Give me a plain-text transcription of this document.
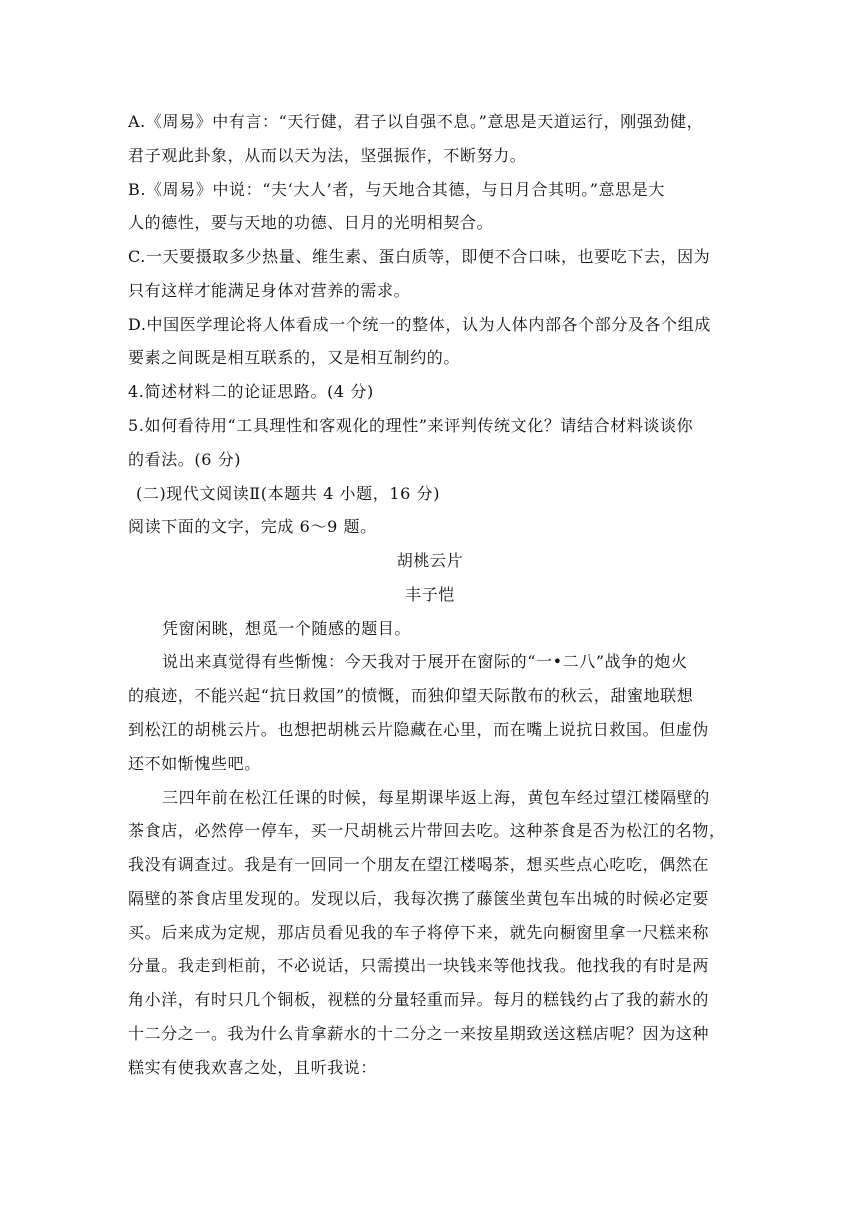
A.《周易》中有言：“天行健，君子以自强不息。”意思是天道运行，刚强劲健，
君子观此卦象，从而以天为法，坚强振作，不断努力。
B.《周易》中说：“夫‘大人’者，与天地合其德，与日月合其明。”意思是大
人的德性，要与天地的功德、日月的光明相契合。
C.一天要摄取多少热量、维生素、蛋白质等，即便不合口味，也要吃下去，因为
只有这样才能满足身体对营养的需求。
D.中国医学理论将人体看成一个统一的整体，认为人体内部各个部分及各个组成
要素之间既是相互联系的，又是相互制约的。
4.简述材料二的论证思路。(4 分)
5.如何看待用“工具理性和客观化的理性”来评判传统文化？请结合材料谈谈你
的看法。(6 分)
(二)现代文阅读Ⅱ(本题共 4 小题，16 分)
阅读下面的文字，完成 6～9 题。
胡桃云片
丰子恺
凭窗闲眺，想觅一个随感的题目。
说出来真觉得有些惭愧：今天我对于展开在窗际的“一•二八”战争的炮火
的痕迹，不能兴起“抗日救国”的愤慨，而独仰望天际散布的秋云，甜蜜地联想
到松江的胡桃云片。也想把胡桃云片隐藏在心里，而在嘴上说抗日救国。但虚伪
还不如惭愧些吧。
三四年前在松江任课的时候，每星期课毕返上海，黄包车经过望江楼隔壁的
茶食店，必然停一停车，买一尺胡桃云片带回去吃。这种茶食是否为松江的名物，
我没有调查过。我是有一回同一个朋友在望江楼喝茶，想买些点心吃吃，偶然在
隔壁的茶食店里发现的。发现以后，我每次携了藤箧坐黄包车出城的时候必定要
买。后来成为定规，那店员看见我的车子将停下来，就先向橱窗里拿一尺糕来称
分量。我走到柜前，不必说话，只需摸出一块钱来等他找我。他找我的有时是两
角小洋，有时只几个铜板，视糕的分量轻重而异。每月的糕钱约占了我的薪水的
十二分之一。我为什么肯拿薪水的十二分之一来按星期致送这糕店呢？因为这种
糕实有使我欢喜之处，且听我说：
